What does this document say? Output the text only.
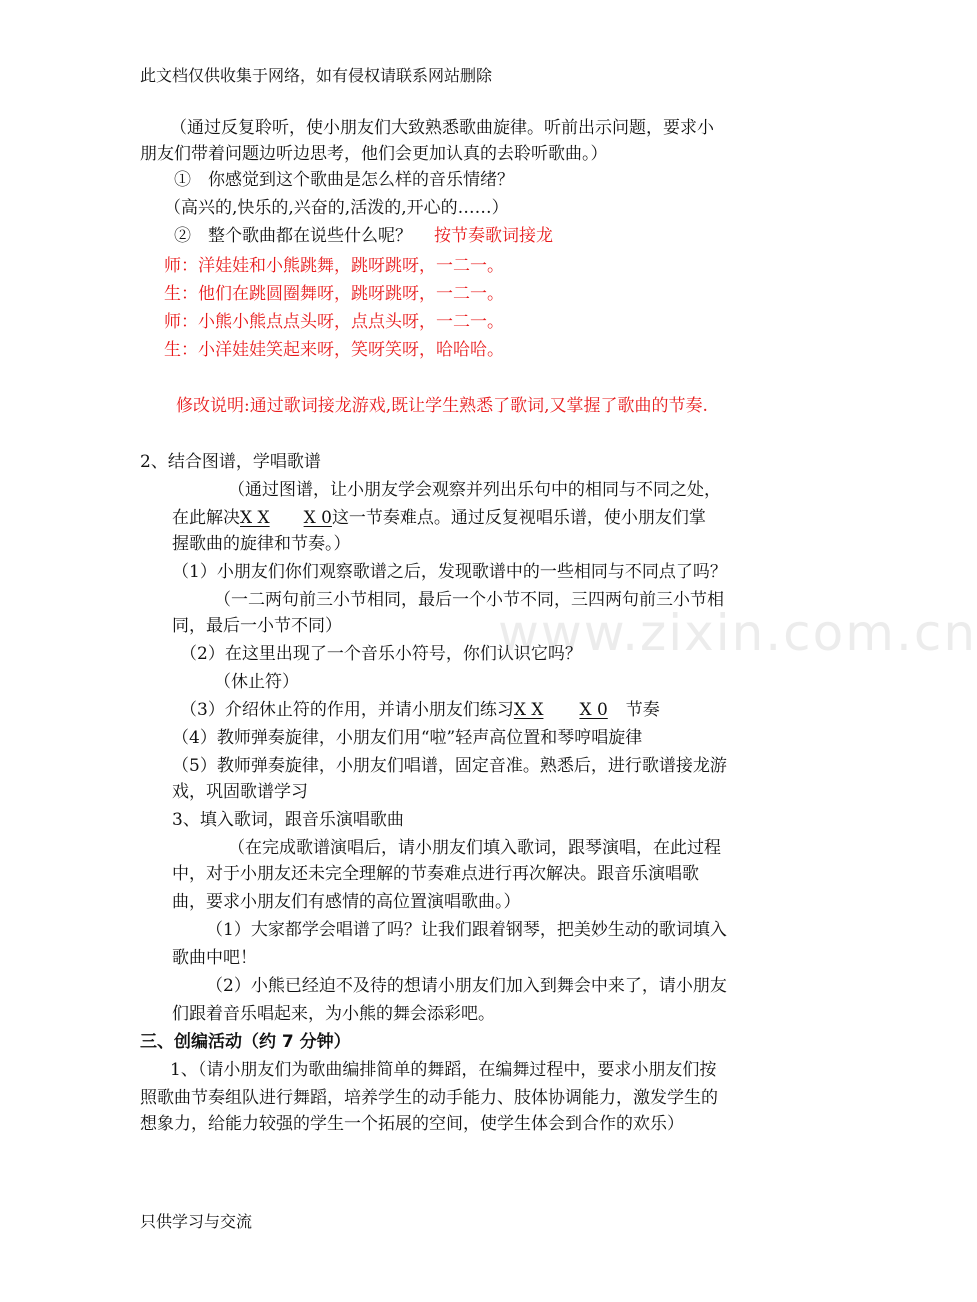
www.zixin.com.cn
此文档仅供收集于网络，如有侵权请联系网站删除
（通过反复聆听，使小朋友们大致熟悉歌曲旋律。听前出示问题，要求小
朋友们带着问题边听边思考，他们会更加认真的去聆听歌曲。）
①　你感觉到这个歌曲是怎么样的音乐情绪？
（高兴的,快乐的,兴奋的,活泼的,开心的……）
②　整个歌曲都在说些什么呢？ 按节奏歌词接龙
师：洋娃娃和小熊跳舞，跳呀跳呀，一二一。
生：他们在跳圆圈舞呀，跳呀跳呀，一二一。
师：小熊小熊点点头呀，点点头呀，一二一。
生：小洋娃娃笑起来呀，笑呀笑呀，哈哈哈。
修改说明:通过歌词接龙游戏,既让学生熟悉了歌词,又掌握了歌曲的节奏.
2、结合图谱，学唱歌谱
（通过图谱，让小朋友学会观察并列出乐句中的相同与不同之处，
在此解决X X X 0这一节奏难点。通过反复视唱乐谱，使小朋友们掌
握歌曲的旋律和节奏。）
（1）小朋友们你们观察歌谱之后，发现歌谱中的一些相同与不同点了吗？
（一二两句前三小节相同，最后一个小节不同，三四两句前三小节相
同，最后一小节不同）
（2）在这里出现了一个音乐小符号，你们认识它吗？
（休止符）
（3）介绍休止符的作用，并请小朋友们练习X X X 0 节奏
（4）教师弹奏旋律，小朋友们用“啦”轻声高位置和琴哼唱旋律
（5）教师弹奏旋律，小朋友们唱谱，固定音准。熟悉后，进行歌谱接龙游
戏，巩固歌谱学习
3、填入歌词，跟音乐演唱歌曲
（在完成歌谱演唱后，请小朋友们填入歌词，跟琴演唱，在此过程
中，对于小朋友还未完全理解的节奏难点进行再次解决。跟音乐演唱歌
曲，要求小朋友们有感情的高位置演唱歌曲。）
（1）大家都学会唱谱了吗？让我们跟着钢琴，把美妙生动的歌词填入
歌曲中吧！
（2）小熊已经迫不及待的想请小朋友们加入到舞会中来了，请小朋友
们跟着音乐唱起来，为小熊的舞会添彩吧。
三、创编活动（约 7 分钟）
1、（请小朋友们为歌曲编排简单的舞蹈，在编舞过程中，要求小朋友们按
照歌曲节奏组队进行舞蹈，培养学生的动手能力、肢体协调能力，激发学生的
想象力，给能力较强的学生一个拓展的空间，使学生体会到合作的欢乐）
只供学习与交流
